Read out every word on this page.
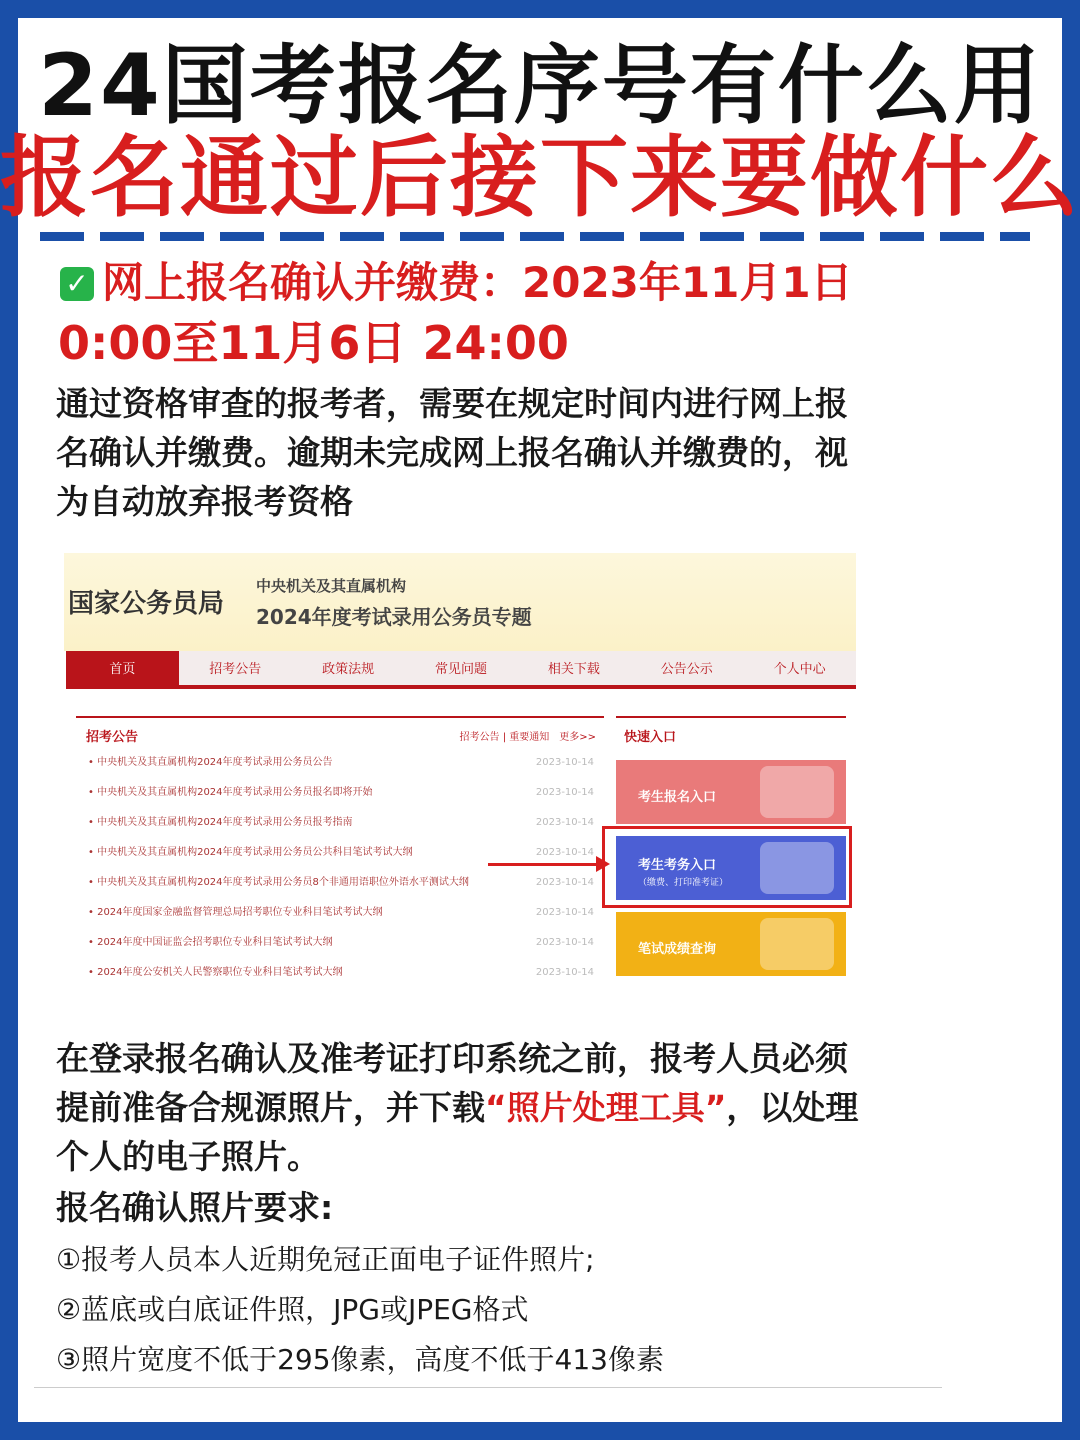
24国考报名序号有什么用
报名通过后接下来要做什么
✓ 网上报名确认并缴费：2023年11月1日
0:00至11月6日 24:00
通过资格审查的报考者，需要在规定时间内进行网上报名确认并缴费。逾期未完成网上报名确认并缴费的，视为自动放弃报考资格
国家公务员局
中央机关及其直属机构
2024年度考试录用公务员专题
首页	招考公告	政策法规	常见问题	相关下载	公告公示	个人中心
招考公告	招考公告 | 重要通知　更多>>
• 中央机关及其直属机构2024年度考试录用公务员公告	2023-10-14
• 中央机关及其直属机构2024年度考试录用公务员报名即将开始	2023-10-14
• 中央机关及其直属机构2024年度考试录用公务员报考指南	2023-10-14
• 中央机关及其直属机构2024年度考试录用公务员公共科目笔试考试大纲	2023-10-14
• 中央机关及其直属机构2024年度考试录用公务员8个非通用语职位外语水平测试大纲	2023-10-14
• 2024年度国家金融监督管理总局招考职位专业科目笔试考试大纲	2023-10-14
• 2024年度中国证监会招考职位专业科目笔试考试大纲	2023-10-14
• 2024年度公安机关人民警察职位专业科目笔试考试大纲	2023-10-14
快速入口
考生报名入口
考生考务入口
（缴费、打印准考证）
笔试成绩查询
在登录报名确认及准考证打印系统之前，报考人员必须提前准备合规源照片，并下载“照片处理工具”，以处理个人的电子照片。
报名确认照片要求:
①报考人员本人近期免冠正面电子证件照片;
②蓝底或白底证件照，JPG或JPEG格式
③照片宽度不低于295像素，高度不低于413像素
